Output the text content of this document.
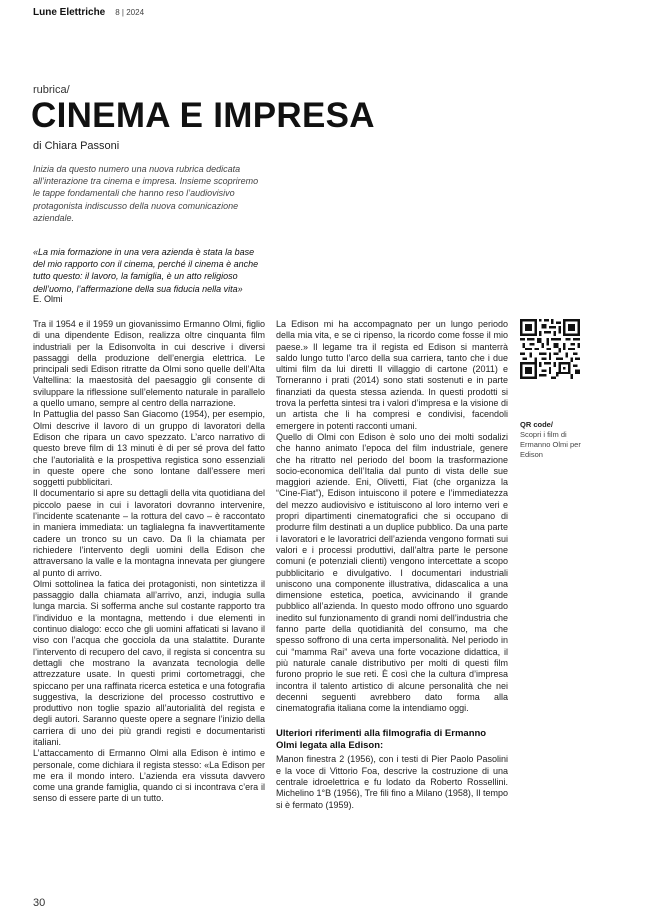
Lune Elettriche 8 | 2024
rubrica/
CINEMA E IMPRESA
di Chiara Passoni

Inizia da questo numero una nuova rubrica dedicata all’interazione tra cinema e impresa. Insieme scopriremo le tappe fondamentali che hanno reso l’audiovisivo protagonista indiscusso della nuova comunicazione aziendale.

«La mia formazione in una vera azienda è stata la base del mio rapporto con il cinema, perché il cinema è anche tutto questo: il lavoro, la famiglia, è un atto religioso dell’uomo, l’affermazione della sua fiducia nella vita»

E. Olmi

Tra il 1954 e il 1959 un giovanissimo Ermanno Olmi, figlio di una dipendente Edison, realizza oltre cinquanta film industriali per la Edisonvolta in cui descrive i diversi passaggi della produzione dell’energia elettrica. Le principali sedi Edison ritratte da Olmi sono quelle dell’Alta Valtellina: la maestosità del paesaggio gli consente di sviluppare la riflessione sull’elemento naturale in parallelo a quello umano, sempre al centro della narrazione.

In Pattuglia del passo San Giacomo (1954), per esempio, Olmi descrive il lavoro di un gruppo di lavoratori della Edison che ripara un cavo spezzato. L’arco narrativo di questo breve film di 13 minuti è di per sé prova del fatto che l’autorialità e la prospettiva registica sono essenziali in queste opere che sono lontane dall’essere meri soggetti pubblicitari.

Il documentario si apre su dettagli della vita quotidiana del piccolo paese in cui i lavoratori dovranno intervenire, l’incidente scatenante – la rottura del cavo – è raccontato in maniera immediata: un taglialegna fa inavvertitamente cadere un tronco su un cavo. Da lì la chiamata per richiedere l’intervento degli uomini della Edison che attraversano la valle e la montagna innevata per giungere al punto di arrivo.

Olmi sottolinea la fatica dei protagonisti, non sintetizza il passaggio dalla chiamata all’arrivo, anzi, indugia sulla lunga marcia. Si sofferma anche sul costante rapporto tra l’individuo e la montagna, mettendo i due elementi in continuo dialogo: ecco che gli uomini affaticati si lavano il viso con l’acqua che gocciola da una stalattite. Durante l’intervento di recupero del cavo, il regista si concentra su dettagli che mostrano la avanzata tecnologia delle attrezzature usate. In questi primi cortometraggi, che spiccano per una raffinata ricerca estetica e una fotografia suggestiva, la descrizione del processo costruttivo e produttivo non toglie spazio all’autorialità del regista e degli autori. Saranno queste opere a segnare l’inizio della carriera di uno dei più grandi registi e documentaristi italiani.

L’attaccamento di Ermanno Olmi alla Edison è intimo e personale, come dichiara il regista stesso: «La Edison per me era il mondo intero. L’azienda era vissuta davvero come una grande famiglia, quando ci si incontrava c’era il senso di essere parte di un tutto.

La Edison mi ha accompagnato per un lungo periodo della mia vita, e se ci ripenso, la ricordo come fosse il mio paese.» Il legame tra il regista ed Edison si manterrà saldo lungo tutto l’arco della sua carriera, tanto che i due ultimi film da lui diretti Il villaggio di cartone (2011) e Torneranno i prati (2014) sono stati sostenuti e in parte finanziati da questa stessa azienda. In questi prodotti si trova la perfetta sintesi tra i valori d’impresa e la visione di un artista che li ha compresi e condivisi, facendoli emergere in potenti racconti umani.

Quello di Olmi con Edison è solo uno dei molti sodalizi che hanno animato l’epoca del film industriale, genere che ha ritratto nel periodo del boom la trasformazione socio-economica dell’Italia dal punto di vista delle sue maggiori aziende. Eni, Olivetti, Fiat (che organizza la “Cine-Fiat”), Edison intuiscono il potere e l’immediatezza del mezzo audiovisivo e istituiscono al loro interno veri e propri dipartimenti cinematografici che si occupano di produrre film destinati a un duplice pubblico. Da una parte i lavoratori e le lavoratrici dell’azienda vengono formati sui valori e i processi produttivi, dall’altra parte le persone comuni (e potenziali clienti) vengono intercettate a scopo pubblicitario e divulgativo. I documentari industriali uniscono una componente illustrativa, didascalica a una dimensione estetica, poetica, avvicinando il grande pubblico all’azienda. In questo modo offrono uno sguardo inedito sul funzionamento di grandi nomi dell’industria che fanno parte della quotidianità del consumo, ma che spesso soffrono di una certa impersonalità. Nel periodo in cui “mamma Rai” aveva una forte vocazione didattica, il più naturale canale distributivo per molti di questi film furono proprio le sue reti. È così che la cultura d’impresa incontra il talento artistico di alcune personalità che nei decenni seguenti avrebbero dato forma alla cinematografia italiana come la intendiamo oggi.

Ulteriori riferimenti alla filmografia di Ermanno Olmi legata alla Edison:

Manon finestra 2 (1956), con i testi di Pier Paolo Pasolini e la voce di Vittorio Foa, descrive la costruzione di una centrale idroelettrica e fu lodato da Roberto Rossellini. Michelino 1°B (1956), Tre fili fino a Milano (1958), Il tempo si è fermato (1959).

QR code/
Scopri i film di Ermanno Olmi per Edison
30
